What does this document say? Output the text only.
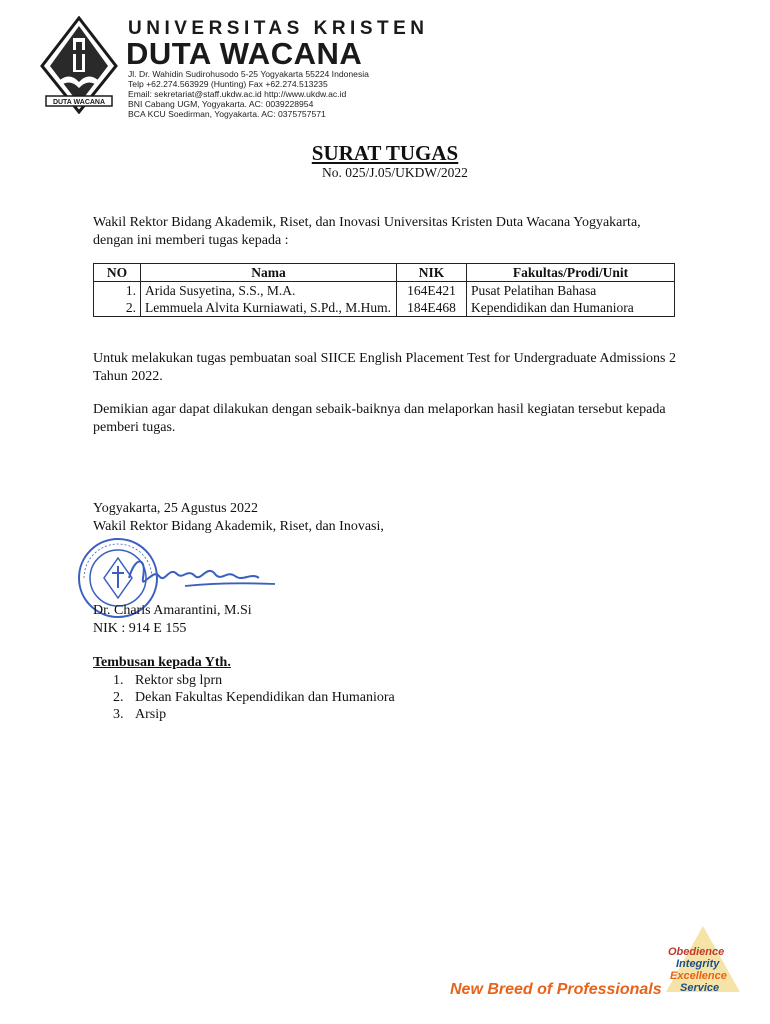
DUTA WACANA
UNIVERSITAS KRISTEN
DUTA WACANA
Jl. Dr. Wahidin Sudirohusodo 5-25 Yogyakarta 55224 Indonesia
Telp +62.274.563929 (Hunting) Fax +62.274.513235
Email: sekretariat@staff.ukdw.ac.id http://www.ukdw.ac.id
BNI Cabang UGM, Yogyakarta. AC: 0039228954
BCA KCU Soedirman, Yogyakarta. AC: 0375757571
SURAT TUGAS
No. 025/J.05/UKDW/2022
Wakil Rektor Bidang Akademik, Riset, dan Inovasi Universitas Kristen Duta Wacana Yogyakarta, dengan ini memberi tugas kepada :
NO	Nama	NIK	Fakultas/Prodi/Unit
1.	Arida Susyetina, S.S., M.A.	164E421	Pusat Pelatihan Bahasa
2.	Lemmuela Alvita Kurniawati, S.Pd., M.Hum.	184E468	Kependidikan dan Humaniora
Untuk melakukan tugas pembuatan soal SIICE English Placement Test for Undergraduate Admissions 2 Tahun 2022.
Demikian agar dapat dilakukan dengan sebaik-baiknya dan melaporkan hasil kegiatan tersebut kepada pemberi tugas.
Yogyakarta, 25 Agustus 2022
Wakil Rektor Bidang Akademik, Riset, dan Inovasi,
Dr. Charis Amarantini, M.Si
NIK : 914 E 155
Tembusan kepada Yth.
1. Rektor sbg lprn
2. Dekan Fakultas Kependidikan dan Humaniora
3. Arsip
New Breed of Professionals
Obedience
Integrity
Excellence
Service
